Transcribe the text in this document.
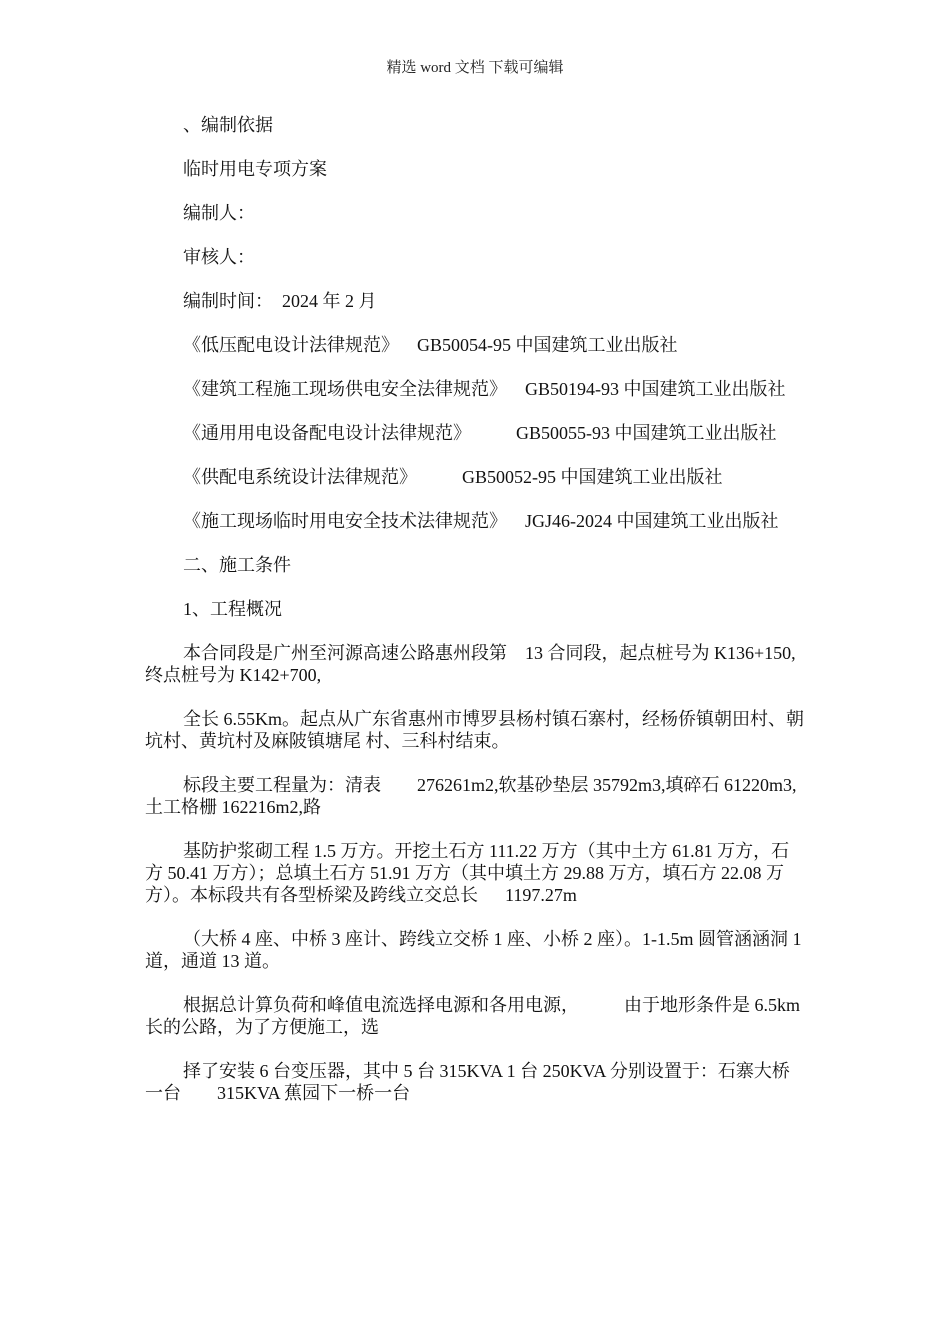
精选 word 文档 下载可编辑

、编制依据

临时用电专项方案

编制人：

审核人：

编制时间：  2024 年 2 月

《低压配电设计法律规范》    GB50054-95 中国建筑工业出版社

《建筑工程施工现场供电安全法律规范》    GB50194-93 中国建筑工业出版社

《通用用电设备配电设计法律规范》          GB50055-93 中国建筑工业出版社

《供配电系统设计法律规范》          GB50052-95 中国建筑工业出版社

《施工现场临时用电安全技术法律规范》    JGJ46-2024 中国建筑工业出版社

二、施工条件

1、工程概况

本合同段是广州至河源高速公路惠州段第    13 合同段，起点桩号为 K136+150,终点桩号为 K142+700,

全长 6.55Km。起点从广东省惠州市博罗县杨村镇石寨村，经杨侨镇朝田村、朝坑村、黄坑村及麻陂镇塘尾 村、三科村结束。

标段主要工程量为：清表        276261m2,软基砂垫层 35792m3,填碎石 61220m3, 土工格栅 162216m2,路

基防护浆砌工程 1.5 万方。开挖土石方 111.22 万方（其中土方 61.81 万方，石方 50.41 万方）；总填土石方 51.91 万方（其中填土方 29.88 万方，填石方 22.08 万方）。本标段共有各型桥梁及跨线立交总长      1197.27m

（大桥 4 座、中桥 3 座计、跨线立交桥 1 座、小桥 2 座）。1-1.5m 圆管涵涵洞 1 道，通道 13 道。

根据总计算负荷和峰值电流选择电源和各用电源，          由于地形条件是 6.5km 长的公路，为了方便施工，选

择了安装 6 台变压器，其中 5 台 315KVA 1 台 250KVA 分别设置于：石寨大桥一台        315KVA 蕉园下一桥一台
